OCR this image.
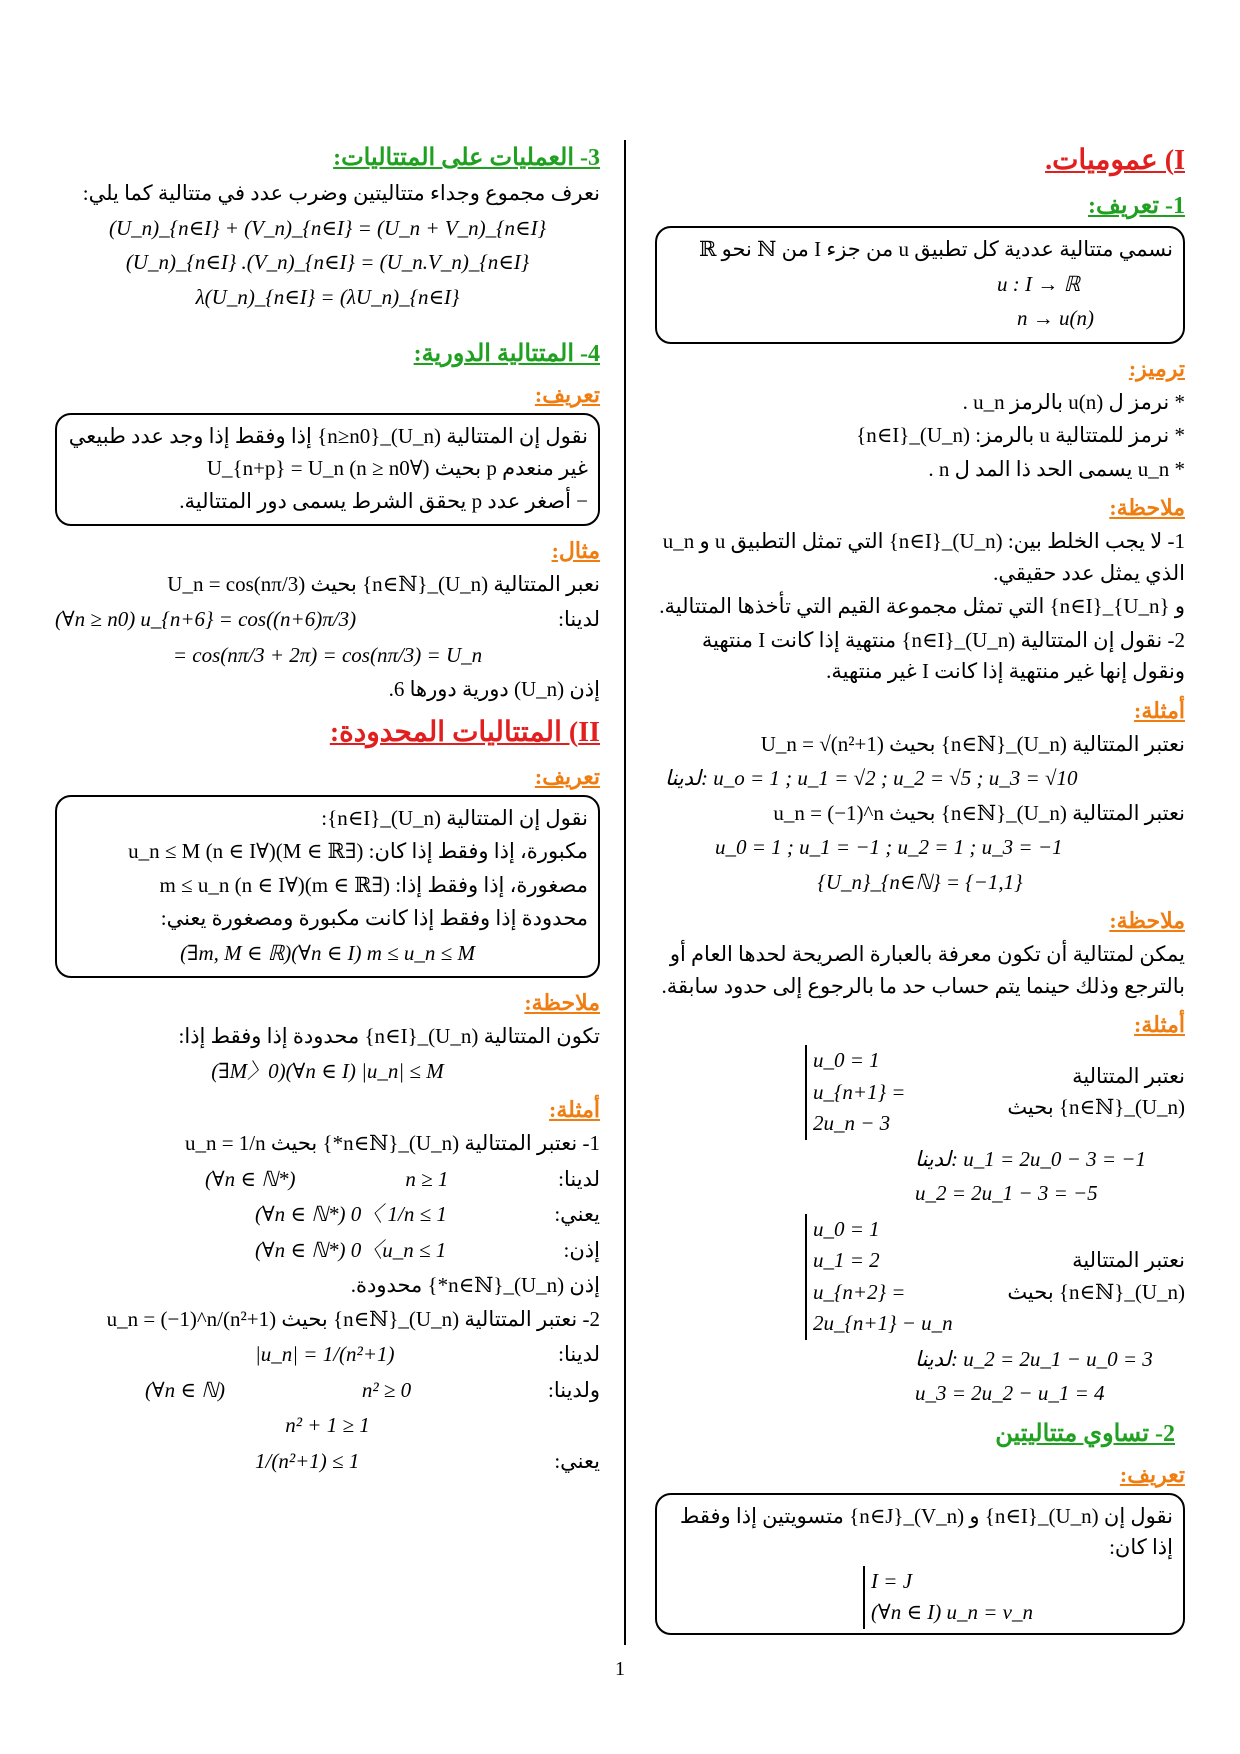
I) عموميات.
1- تعريف:

نسمي متتالية عددية كل تطبيق u من جزء I من ℕ نحو ℝ

u : I → ℝ

n → u(n)

ترميز:

* نرمز ل u(n) بالرمز u_n .

* نرمز للمتتالية u بالرمز: (U_n)_{n∈I}

* u_n يسمى الحد ذا المد ل n .

ملاحظة:

1- لا يجب الخلط بين: (U_n)_{n∈I} التي تمثل التطبيق u و u_n الذي يمثل عدد حقيقي.

و {U_n}_{n∈I} التي تمثل مجموعة القيم التي تأخذها المتتالية.

2- نقول إن المتتالية (U_n)_{n∈I} منتهية إذا كانت I منتهية ونقول إنها غير منتهية إذا كانت I غير منتهية.

أمثلة:

نعتبر المتتالية (U_n)_{n∈ℕ} بحيث U_n = √(n²+1)

لدينا: u_o = 1 ; u_1 = √2 ; u_2 = √5 ; u_3 = √10

نعتبر المتتالية (U_n)_{n∈ℕ} بحيث u_n = (−1)^n

u_0 = 1 ; u_1 = −1 ; u_2 = 1 ; u_3 = −1

{U_n}_{n∈ℕ} = {−1,1}

ملاحظة:

يمكن لمتتالية أن تكون معرفة بالعبارة الصريحة لحدها العام أو بالترجع وذلك حينما يتم حساب حد ما بالرجوع إلى حدود سابقة.

أمثلة:
نعتبر المتتالية (U_n)_{n∈ℕ} بحيث
u_0 = 1
u_{n+1} = 2u_n − 3

لدينا: u_1 = 2u_0 − 3 = −1

u_2 = 2u_1 − 3 = −5

نعتبر المتتالية (U_n)_{n∈ℕ} بحيث
u_0 = 1
u_1 = 2
u_{n+2} = 2u_{n+1} − u_n

لدينا: u_2 = 2u_1 − u_0 = 3

u_3 = 2u_2 − u_1 = 4

2- تساوي متتاليتين
تعريف:

نقول إن (U_n)_{n∈I} و (V_n)_{n∈J} متسويتين إذا وفقط إذا كان:

I = J
(∀n ∈ I) u_n = v_n
3- العمليات على المتتاليات:

نعرف مجموع وجداء متتاليتين وضرب عدد في متتالية كما يلي:

(U_n)_{n∈I} + (V_n)_{n∈I} = (U_n + V_n)_{n∈I}

(U_n)_{n∈I} .(V_n)_{n∈I} = (U_n.V_n)_{n∈I}

λ(U_n)_{n∈I} = (λU_n)_{n∈I}

4- المتتالية الدورية:
تعريف:

نقول إن المتتالية (U_n)_{n≥n0} إذا وفقط إذا وجد عدد طبيعي غير منعدم p بحيث (∀n ≥ n0) U_{n+p} = U_n

− أصغر عدد p يحقق الشرط يسمى دور المتتالية.

مثال:

نعبر المتتالية (U_n)_{n∈ℕ} بحيث U_n = cos(nπ/3)

لدينا:
(∀n ≥ n0) u_{n+6} = cos((n+6)π/3)

= cos(nπ/3 + 2π) = cos(nπ/3) = U_n

إذن (U_n) دورية دورها 6.

II) المتتاليات المحدودة:
تعريف:

نقول إن المتتالية (U_n)_{n∈I}:

مكبورة، إذا وفقط إذا كان: (∃M ∈ ℝ)(∀n ∈ I) u_n ≤ M

مصغورة، إذا وفقط إذا: (∃m ∈ ℝ)(∀n ∈ I) m ≤ u_n

محدودة إذا وفقط إذا كانت مكبورة ومصغورة يعني:

(∃m, M ∈ ℝ)(∀n ∈ I) m ≤ u_n ≤ M

ملاحظة:

تكون المتتالية (U_n)_{n∈I} محدودة إذا وفقط إذا:

(∃M〉0)(∀n ∈ I) |u_n| ≤ M

أمثلة:

1- نعتبر المتتالية (U_n)_{n∈ℕ*} بحيث u_n = 1/n

لدينا:
n ≥ 1
(∀n ∈ ℕ*)
يعني:
(∀n ∈ ℕ*) 0〈 1/n ≤ 1
إذن:
(∀n ∈ ℕ*) 0〈u_n ≤ 1

إذن (U_n)_{n∈ℕ*} محدودة.

2- نعتبر المتتالية (U_n)_{n∈ℕ} بحيث u_n = (−1)^n/(n²+1)

لدينا:
|u_n| = 1/(n²+1)
ولدينا:
n² ≥ 0
(∀n ∈ ℕ)

n² + 1 ≥ 1

يعني:
1/(n²+1) ≤ 1
1
